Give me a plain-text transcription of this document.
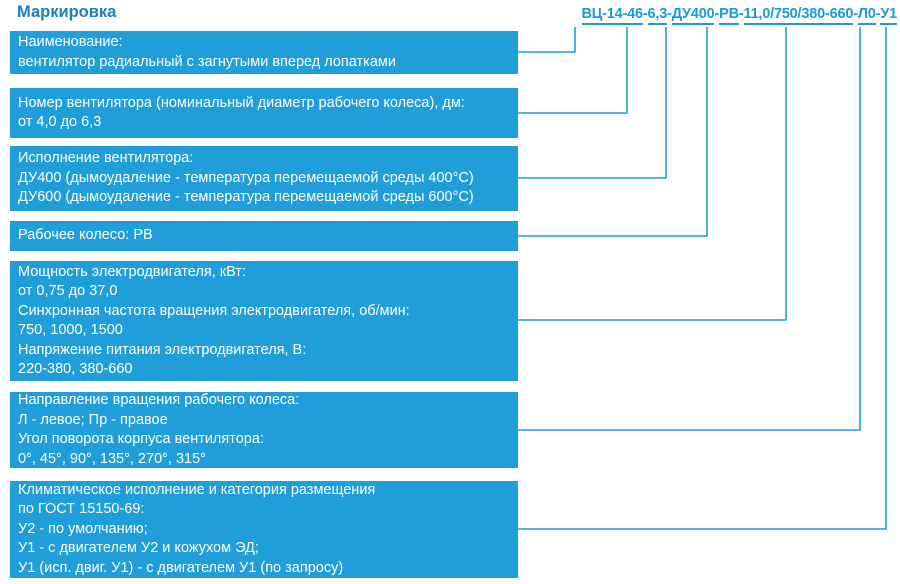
Маркировка	ВЦ-14-46-6,3-ДУ400-РВ-11,0/750/380-660-Л0-У1
Наименование:
вентилятор радиальный с загнутыми вперед лопатками
Номер вентилятора (номинальный диаметр рабочего колеса), дм:
от 4,0 до 6,3
Исполнение вентилятора:
ДУ400 (дымоудаление - температура перемещаемой среды 400°С)
ДУ600 (дымоудаление - температура перемещаемой среды 600°С)
Рабочее колесо: РВ
Мощность электродвигателя, кВт:
от 0,75 до 37,0
Синхронная частота вращения электродвигателя, об/мин:
750, 1000, 1500
Напряжение питания электродвигателя, В:
220-380, 380-660
Направление вращения рабочего колеса:
Л - левое; Пр - правое
Угол поворота корпуса вентилятора:
0°, 45°, 90°, 135°, 270°, 315°
Климатическое исполнение и категория размещения
по ГОСТ 15150-69:
У2 - по умолчанию;
У1 - с двигателем У2 и кожухом ЭД;
У1 (исп. двиг. У1) - с двигателем У1 (по запросу)
